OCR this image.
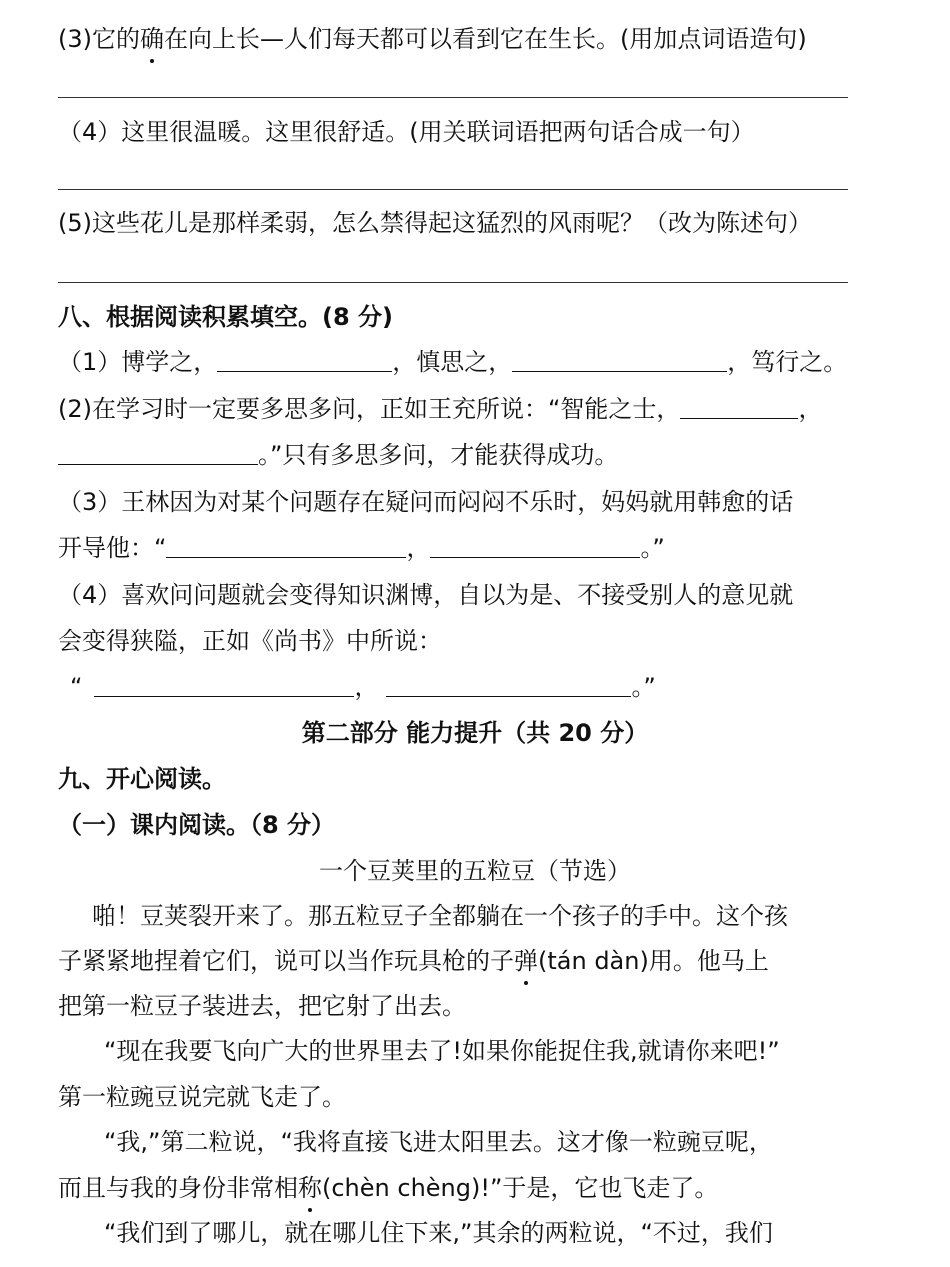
(3)它的确在向上长—人们每天都可以看到它在生长。(用加点词语造句)
（4）这里很温暖。这里很舒适。(用关联词语把两句话合成一句）
(5)这些花儿是那样柔弱，怎么禁得起这猛烈的风雨呢？（改为陈述句）
八、根据阅读积累填空。(8 分)
（1）博学之，	，慎思之，	，笃行之。
(2)在学习时一定要多思多问，正如王充所说：“智能之士，	，
。”只有多思多问，才能获得成功。
（3）王林因为对某个问题存在疑问而闷闷不乐时，妈妈就用韩愈的话
开导他：“	，	。”
（4）喜欢问问题就会变得知识渊博，自以为是、不接受别人的意见就
会变得狭隘，正如《尚书》中所说：
“	，	。”
第二部分 能力提升（共 20 分）
九、开心阅读。
（一）课内阅读。（8 分）
一个豆荚里的五粒豆（节选）
啪！豆荚裂开来了。那五粒豆子全都躺在一个孩子的手中。这个孩
子紧紧地捏着它们，说可以当作玩具枪的子弹(tán dàn)用。他马上
把第一粒豆子装进去，把它射了出去。
“现在我要飞向广大的世界里去了!如果你能捉住我,就请你来吧!”
第一粒豌豆说完就飞走了。
“我,”第二粒说，“我将直接飞进太阳里去。这才像一粒豌豆呢，
而且与我的身份非常相称(chèn chèng)!”于是，它也飞走了。
“我们到了哪儿，就在哪儿住下来,”其余的两粒说，“不过，我们
